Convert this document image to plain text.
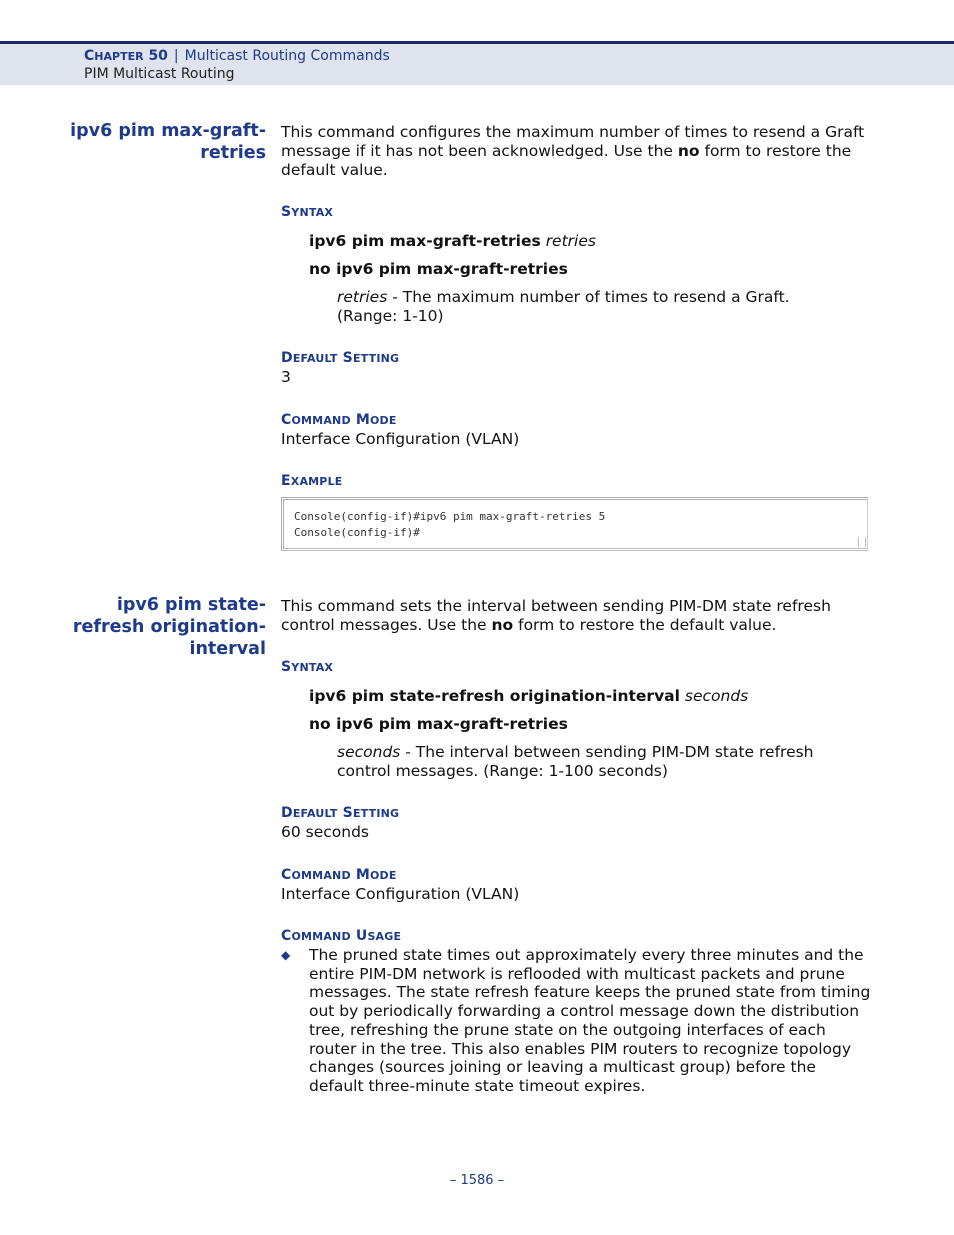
CHAPTER 50 | Multicast Routing Commands
PIM Multicast Routing
ipv6 pim max-graft-
retries
This command configures the maximum number of times to resend a Graft message if it has not been acknowledged. Use the no form to restore the default value.
SYNTAX
ipv6 pim max-graft-retries retries
no ipv6 pim max-graft-retries
retries - The maximum number of times to resend a Graft.
(Range: 1-10)
DEFAULT SETTING
3
COMMAND MODE
Interface Configuration (VLAN)
EXAMPLE
Console(config-if)#ipv6 pim max-graft-retries 5
Console(config-if)#
ipv6 pim state-
refresh origination-
interval
This command sets the interval between sending PIM-DM state refresh control messages. Use the no form to restore the default value.
SYNTAX
ipv6 pim state-refresh origination-interval seconds
no ipv6 pim max-graft-retries
seconds - The interval between sending PIM-DM state refresh control messages. (Range: 1-100 seconds)
DEFAULT SETTING
60 seconds
COMMAND MODE
Interface Configuration (VLAN)
COMMAND USAGE
◆ The pruned state times out approximately every three minutes and the entire PIM-DM network is reflooded with multicast packets and prune messages. The state refresh feature keeps the pruned state from timing out by periodically forwarding a control message down the distribution tree, refreshing the prune state on the outgoing interfaces of each router in the tree. This also enables PIM routers to recognize topology changes (sources joining or leaving a multicast group) before the default three-minute state timeout expires.
– 1586 –
